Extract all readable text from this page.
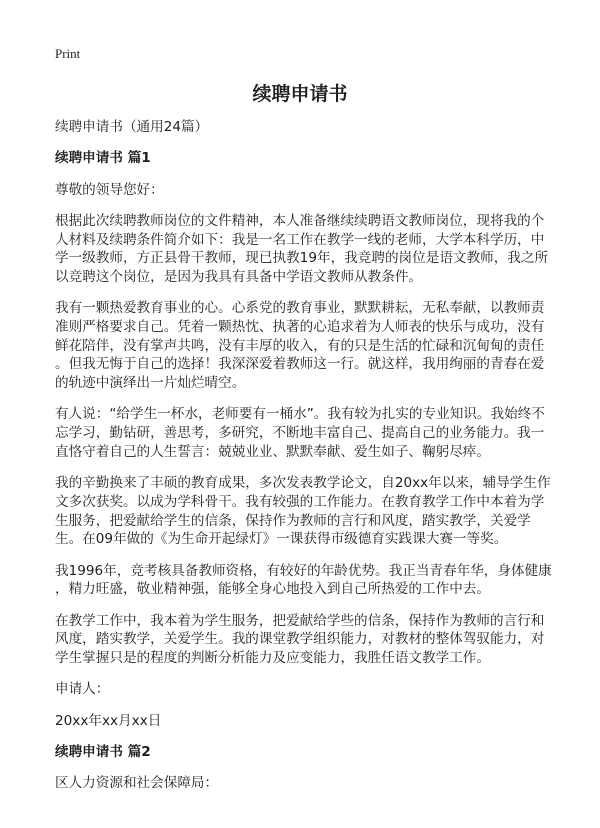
Print
续聘申请书
续聘申请书（通用24篇）
续聘申请书 篇1
尊敬的领导您好：
根据此次续聘教师岗位的文件精神，本人准备继续续聘语文教师岗位，现将我的个
人材料及续聘条件简介如下：我是一名工作在教学一线的老师，大学本科学历，中
学一级教师，方正县骨干教师，现已执教19年，我竞聘的岗位是语文教师，我之所
以竞聘这个岗位，是因为我具有具备中学语文教师从教条件。
我有一颗热爱教育事业的心。心系党的教育事业，默默耕耘，无私奉献，以教师责
准则严格要求自己。凭着一颗热忱、执著的心追求着为人师表的快乐与成功，没有
鲜花陪伴，没有掌声共鸣，没有丰厚的收入，有的只是生活的忙碌和沉甸甸的责任
。但我无悔于自己的选择！我深深爱着教师这一行。就这样，我用绚丽的青春在爱
的轨迹中演绎出一片灿烂晴空。
有人说：“给学生一杯水，老师要有一桶水”。我有较为扎实的专业知识。我始终不
忘学习，勤钻研，善思考，多研究，不断地丰富自己、提高自己的业务能力。我一
直恪守着自己的人生誓言：兢兢业业、默默奉献、爱生如子、鞠躬尽瘁。
我的辛勤换来了丰硕的教育成果，多次发表教学论文，自20xx年以来，辅导学生作
文多次获奖。以成为学科骨干。我有较强的工作能力。在教育教学工作中本着为学
生服务，把爱献给学生的信条，保持作为教师的言行和风度，踏实教学，关爱学
生。在09年做的《为生命开起绿灯》一课获得市级德育实践课大赛一等奖。
我1996年，竞考核具备教师资格，有较好的年龄优势。我正当青春年华，身体健康
，精力旺盛，敬业精神强，能够全身心地投入到自己所热爱的工作中去。
在教学工作中，我本着为学生服务，把爱献给学些的信条，保持作为教师的言行和
风度，踏实教学，关爱学生。我的课堂教学组织能力，对教材的整体驾驭能力，对
学生掌握只是的程度的判断分析能力及应变能力，我胜任语文教学工作。
申请人：
20xx年xx月xx日
续聘申请书 篇2
区人力资源和社会保障局：
